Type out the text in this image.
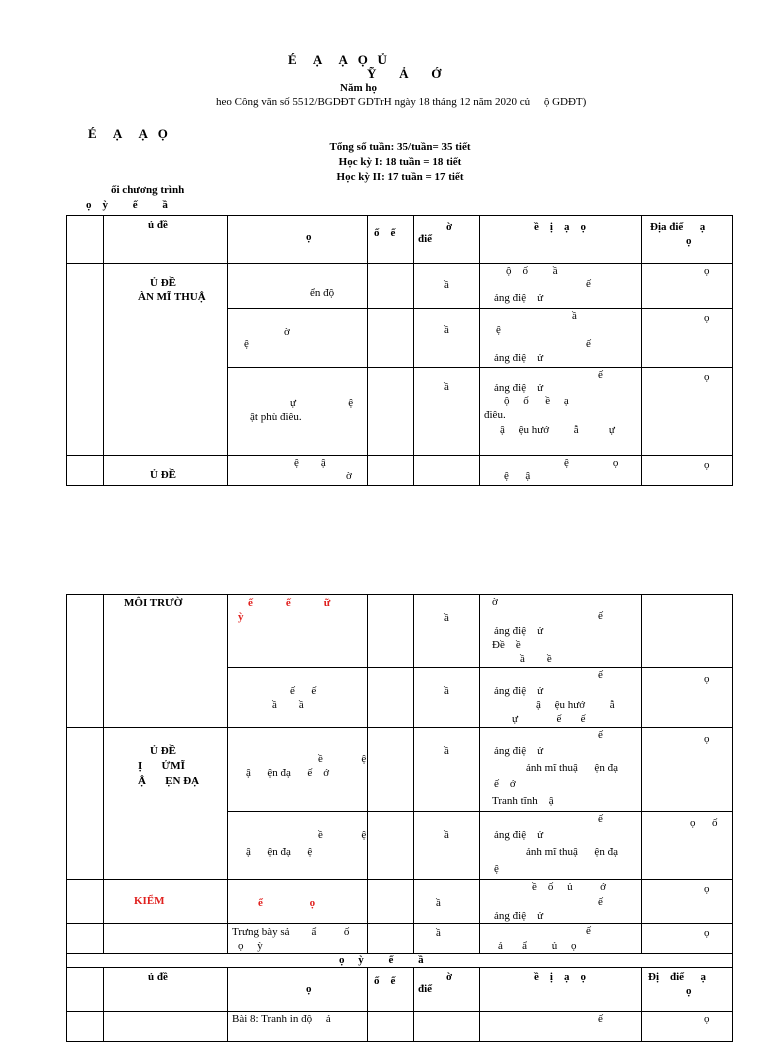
É     Ạ     Ạ   Ọ   Ủ
Ỹ       Ả       Ớ
Năm họ
heo Công văn số 5512/BGDĐT GDTrH ngày 18 tháng 12 năm 2020 củ     ộ GDĐT)
É     Ạ     Ạ   Ọ
Tổng số tuần: 35/tuần= 35 tiết
Học kỳ I: 18 tuần = 18 tiết
Học kỳ II: 17 tuần = 17 tiết
ối chương trình
ọ    ỳ         ế         ầ

	ủ đề	ọ	ố    ế	ờ
điể	ề    ị    ạ    ọ	Địa điể      ạ
ọ

	Ủ ĐỀ
ÀN MĨ THUẬ	ển độ		ầ	ộ    ố         ầ
ế
ảng điệ    ử	ọ

		ờ
ệ		ầ	ầ
ệ
ế
ảng điệ    ử	ọ

		ự                   ệ
ật phù điêu.		ầ	ế
ảng điệ    ử
ộ     ố      ề     ạ
điêu.
ậ     ệu hướ         ẫ           ự	ọ

	Ủ ĐỀ	ệ        ậ
ờ			ệ                ọ
ệ      ậ	ọ

	MÔI TRƯỜ	ế            ế            ữ
ỳ		ầ	ờ
ế
ảng điệ    ử
Đề    ề
ầ        ề	

		ế      ế
ầ        ầ		ầ	ế
ảng điệ    ử
ậ     ệu hướ         ẫ
ự              ế       ế	ọ

	Ủ ĐỀ
Ị       ỬMĨ
Ậ       ẸN ĐẠ	ề              ệ
ậ      ện đạ      ế    ớ		ầ	ế
ảng điệ    ử
ảnh mĩ thuậ      ện đạ
ế    ớ
Tranh tĩnh    ậ	ọ

		ề              ệ
ậ      ện đạ      ệ		ầ	ế
ảng điệ    ử
ảnh mĩ thuậ      ện đạ
ệ	ọ      ố

	KIỂM	ể                 ọ		ầ	ề    ố     ủ          ớ
ế
ảng điệ    ử	ọ

		Trưng bày sả        ẩ          ố
ọ     ỳ		ầ	ế
ả       ẩ         ủ     ọ	ọ

ọ     ỳ         ế         ầ						

	ủ đề	ọ	ố    ế	ờ
điể	ề    ị    ạ    ọ	Đị    điể      ạ
ọ

		Bài 8: Tranh in độ     ả			ế	ọ
